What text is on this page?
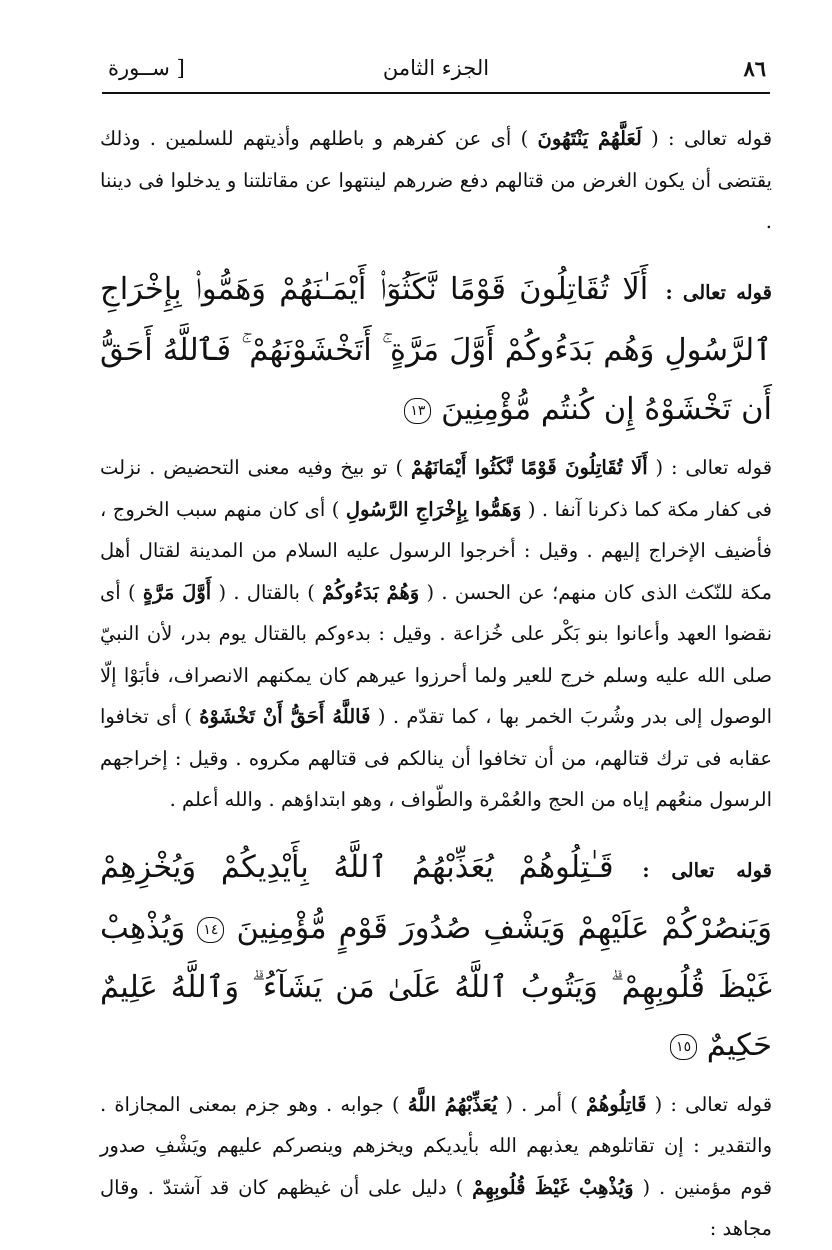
٨٦
الجزء الثامن
[ ســورة

قوله تعالى : ( لَعَلَّهُمْ يَنْتَهُونَ ) أى عن كفرهم و باطلهم وأذيتهم للسلمين . وذلك يقتضى أن يكون الغرض من قتالهم دفع ضررهم لينتهوا عن مقاتلتنا و يدخلوا فى ديننا .

قوله تعالى : أَلَا تُقَاتِلُونَ قَوْمًا نَّكَثُوٓا۟ أَيْمَـٰنَهُمْ وَهَمُّوا۟ بِإِخْرَاجِ ٱلرَّسُولِ وَهُم بَدَءُوكُمْ أَوَّلَ مَرَّةٍ ۚ أَتَخْشَوْنَهُمْ ۚ فَٱللَّهُ أَحَقُّ أَن تَخْشَوْهُ إِن كُنتُم مُّؤْمِنِينَ ١٣

قوله تعالى : ( أَلَا تُقَاتِلُونَ قَوْمًا نَّكَثُوا أَيْمَانَهُمْ ) تو بيخ وفيه معنى التحضيض . نزلت فى كفار مكة كما ذكرنا آنفا . ( وَهَمُّوا بِإِخْرَاجِ الرَّسُولِ ) أى كان منهم سبب الخروج ، فأضيف الإخراج إليهم . وقيل : أخرجوا الرسول عليه السلام من المدينة لقتال أهل مكة للنّكث الذى كان منهم؛ عن الحسن . ( وَهُمْ بَدَءُوكُمْ ) بالقتال . ( أَوَّلَ مَرَّةٍ ) أى نقضوا العهد وأعانوا بنو بَكْر على خُزاعة . وقيل : بدءوكم بالقتال يوم بدر، لأن النبيّ صلى الله عليه وسلم خرج للعير ولما أحرزوا عيرهم كان يمكنهم الانصراف، فأبَوْا إلّا الوصول إلى بدر وشُربَ الخمر بها ، كما تقدّم . ( فَاللَّهُ أَحَقُّ أَنْ تَخْشَوْهُ ) أى تخافوا عقابه فى ترك قتالهم، من أن تخافوا أن ينالكم فى قتالهم مكروه . وقيل : إخراجهم الرسول منعُهم إياه من الحج والعُمْرة والطّواف ، وهو ابتداؤهم . والله أعلم .

قوله تعالى : قَـٰتِلُوهُمْ يُعَذِّبْهُمُ ٱللَّهُ بِأَيْدِيكُمْ وَيُخْزِهِمْ وَيَنصُرْكُمْ عَلَيْهِمْ وَيَشْفِ صُدُورَ قَوْمٍ مُّؤْمِنِينَ ١٤ وَيُذْهِبْ غَيْظَ قُلُوبِهِمْ ۗ وَيَتُوبُ ٱللَّهُ عَلَىٰ مَن يَشَآءُ ۗ وَٱللَّهُ عَلِيمٌ حَكِيمٌ ١٥

قوله تعالى : ( قَاتِلُوهُمْ ) أمر . ( يُعَذِّبْهُمُ اللَّهُ ) جوابه . وهو جزم بمعنى المجازاة . والتقدير : إن تقاتلوهم يعذبهم الله بأيديكم ويخزهم وينصركم عليهم ويَشْفِ صدور قوم مؤمنين . ( وَيُذْهِبْ غَيْظَ قُلُوبِهِمْ ) دليل على أن غيظهم كان قد آشتدّ . وقال مجاهد :
